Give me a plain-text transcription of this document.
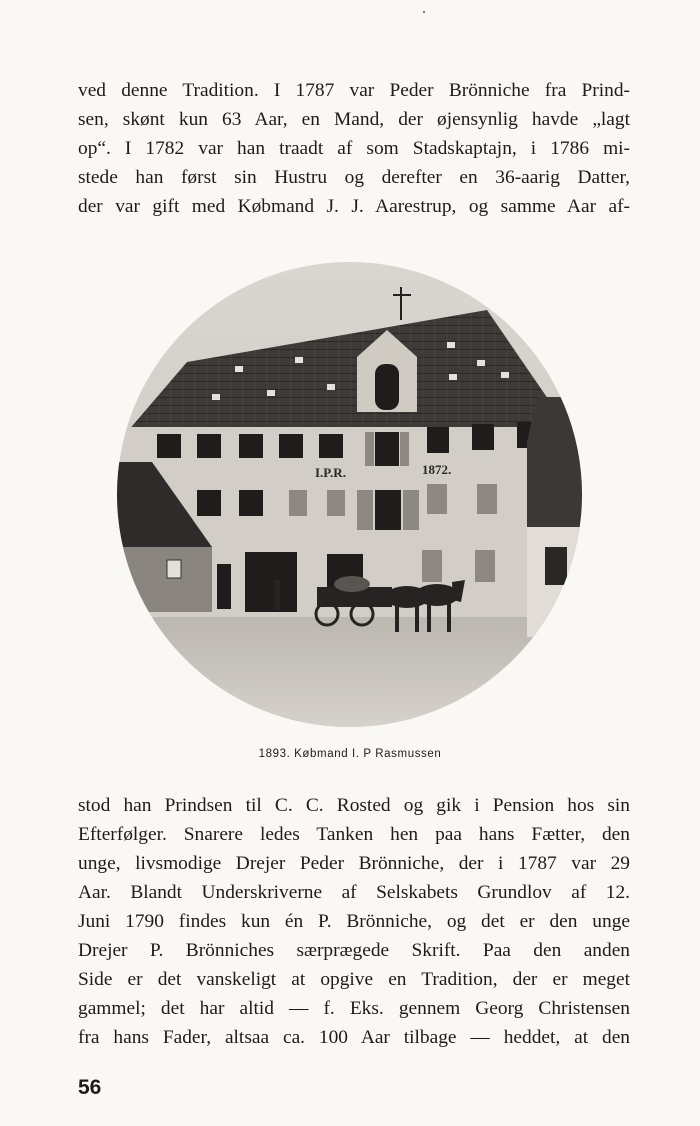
ved denne Tradition. I 1787 var Peder Brönniche fra Prind-
sen, skønt kun 63 Aar, en Mand, der øjensynlig havde „lagt
op“. I 1782 var han traadt af som Stadskaptajn, i 1786 mi-
stede han først sin Hustru og derefter en 36-aarig Datter,
der var gift med Købmand J. J. Aarestrup, og samme Aar af-
I.P.R.	1872.
1893. Købmand I. P Rasmussen
stod han Prindsen til C. C. Rosted og gik i Pension hos sin
Efterfølger. Snarere ledes Tanken hen paa hans Fætter, den
unge, livsmodige Drejer Peder Brönniche, der i 1787 var 29
Aar. Blandt Underskriverne af Selskabets Grundlov af 12.
Juni 1790 findes kun én P. Brönniche, og det er den unge
Drejer P. Brönniches særprægede Skrift. Paa den anden
Side er det vanskeligt at opgive en Tradition, der er meget
gammel; det har altid — f. Eks. gennem Georg Christensen
fra hans Fader, altsaa ca. 100 Aar tilbage — heddet, at den
56
